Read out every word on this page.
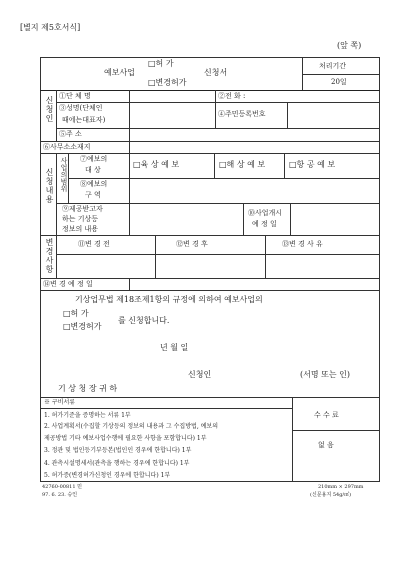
[별지 제5호서식]
(앞 쪽)
예보사업
□허 가
□변경허가
신청서
처리기간
20일
신청인 ①단 체 명	②전 화 :
③성명(단체인
때에는대표자)
④주민등록번호
⑤주 소
⑥사무소소재지
신청내용 사업의범위 ⑦예보의
대 상
□육 상 예 보	□해 상 예 보	□항 공 예 보
⑧예보의
구 역
⑨제공받고자
하는 기상등
정보의 내용
⑩사업개시
예 정 일
변경사항	⑪변 경 전	⑫변 경 후	⑬변 경 사 유
⑭변 경 예 정 일
기상업무법 제18조제1항의 규정에 의하여 예보사업의
□허 가
□변경허가
를 신청합니다.
년 월 일
신청인	(서명 또는 인)
기 상 청 장 귀 하
※ 구비서류
1. 허가기준을 증명하는 서류 1부
2. 사업계획서(수집할 기상등의 정보의 내용과 그 수집방법, 예보의
제공방법 기타 예보사업수행에 필요한 사항을 포함합니다) 1부
3. 정관 및 법인등기부등본(법인인 경우에 한합니다) 1부
4. 관측시설명세서(관측을 행하는 경우에 한합니다) 1부
5. 허가증(변경허가신청인 경우에 한합니다) 1부
수 수 료
없 음
42760-00811 민
97. 6. 23. 승인
210mm × 297mm
(신문용지 54g/㎡)
